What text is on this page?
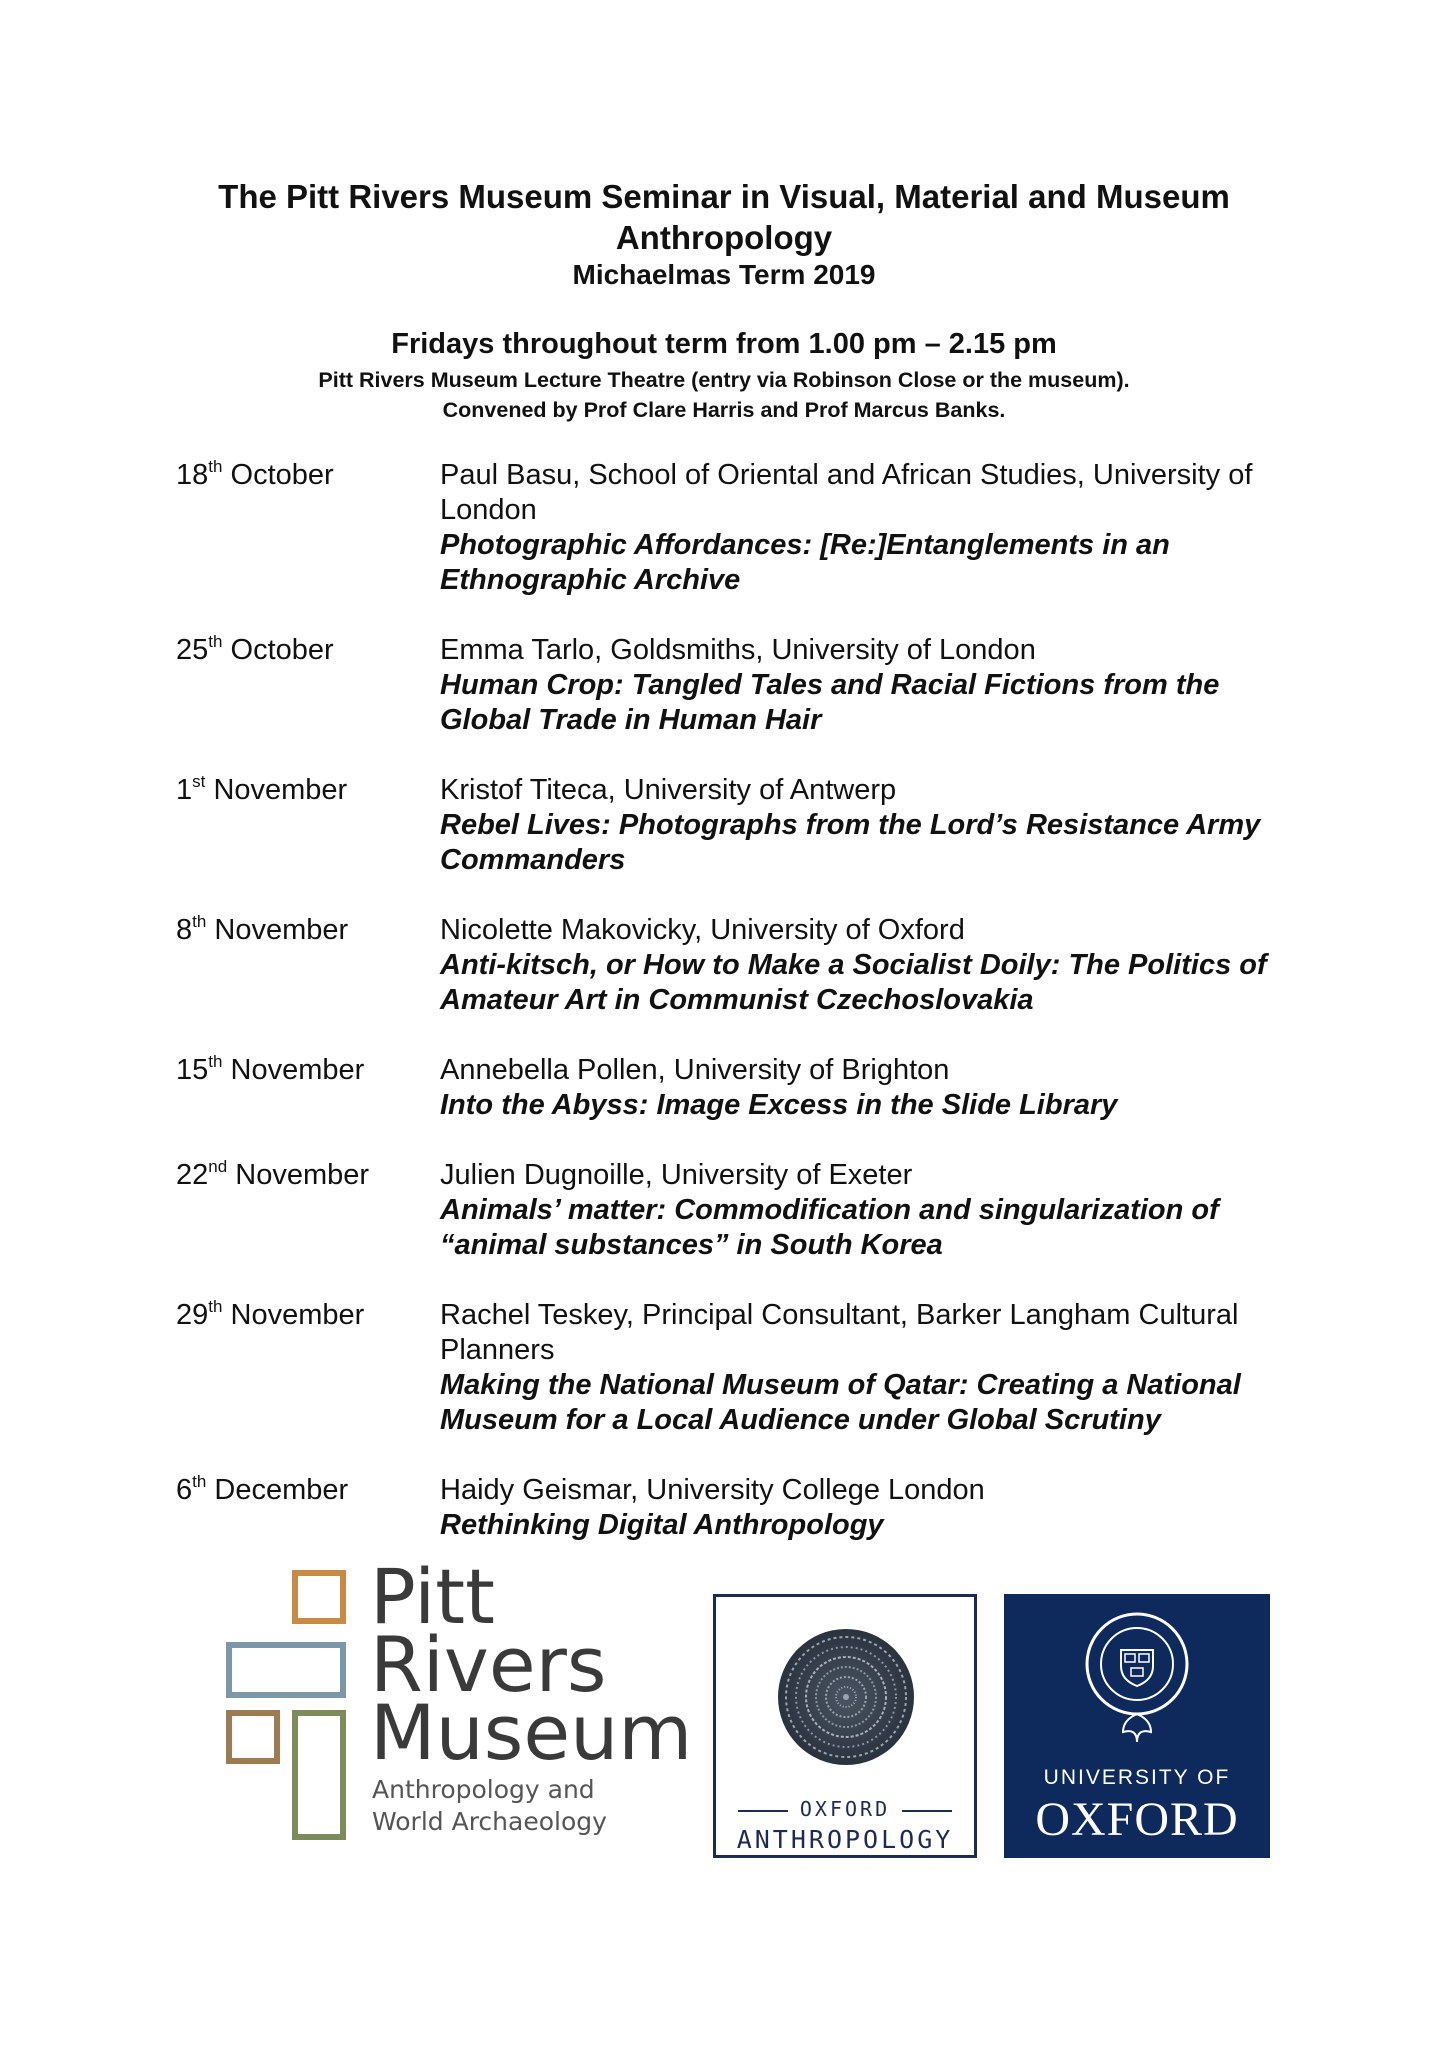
The Pitt Rivers Museum Seminar in Visual, Material and Museum
Anthropology
Michaelmas Term 2019
Fridays throughout term from 1.00 pm – 2.15 pm
Pitt Rivers Museum Lecture Theatre (entry via Robinson Close or the museum).
Convened by Prof Clare Harris and Prof Marcus Banks.
18th October	Paul Basu, School of Oriental and African Studies, University of
London
Photographic Affordances: [Re:]Entanglements in an
Ethnographic Archive
25th October	Emma Tarlo, Goldsmiths, University of London
Human Crop: Tangled Tales and Racial Fictions from the
Global Trade in Human Hair
1st November	Kristof Titeca, University of Antwerp
Rebel Lives: Photographs from the Lord’s Resistance Army
Commanders
8th November	Nicolette Makovicky, University of Oxford
Anti-kitsch, or How to Make a Socialist Doily: The Politics of
Amateur Art in Communist Czechoslovakia
15th November	Annebella Pollen, University of Brighton
Into the Abyss: Image Excess in the Slide Library
22nd November Julien Dugnoille, University of Exeter
Animals’ matter: Commodification and singularization of
“animal substances” in South Korea
29th November	Rachel Teskey, Principal Consultant, Barker Langham Cultural
Planners
Making the National Museum of Qatar: Creating a National
Museum for a Local Audience under Global Scrutiny
6th December	Haidy Geismar, University College London
Rethinking Digital Anthropology
Pitt
Rivers
Museum
Anthropology and
World Archaeology	OXFORD
ANTHROPOLOGY
UNIVERSITY OF
OXFORD
